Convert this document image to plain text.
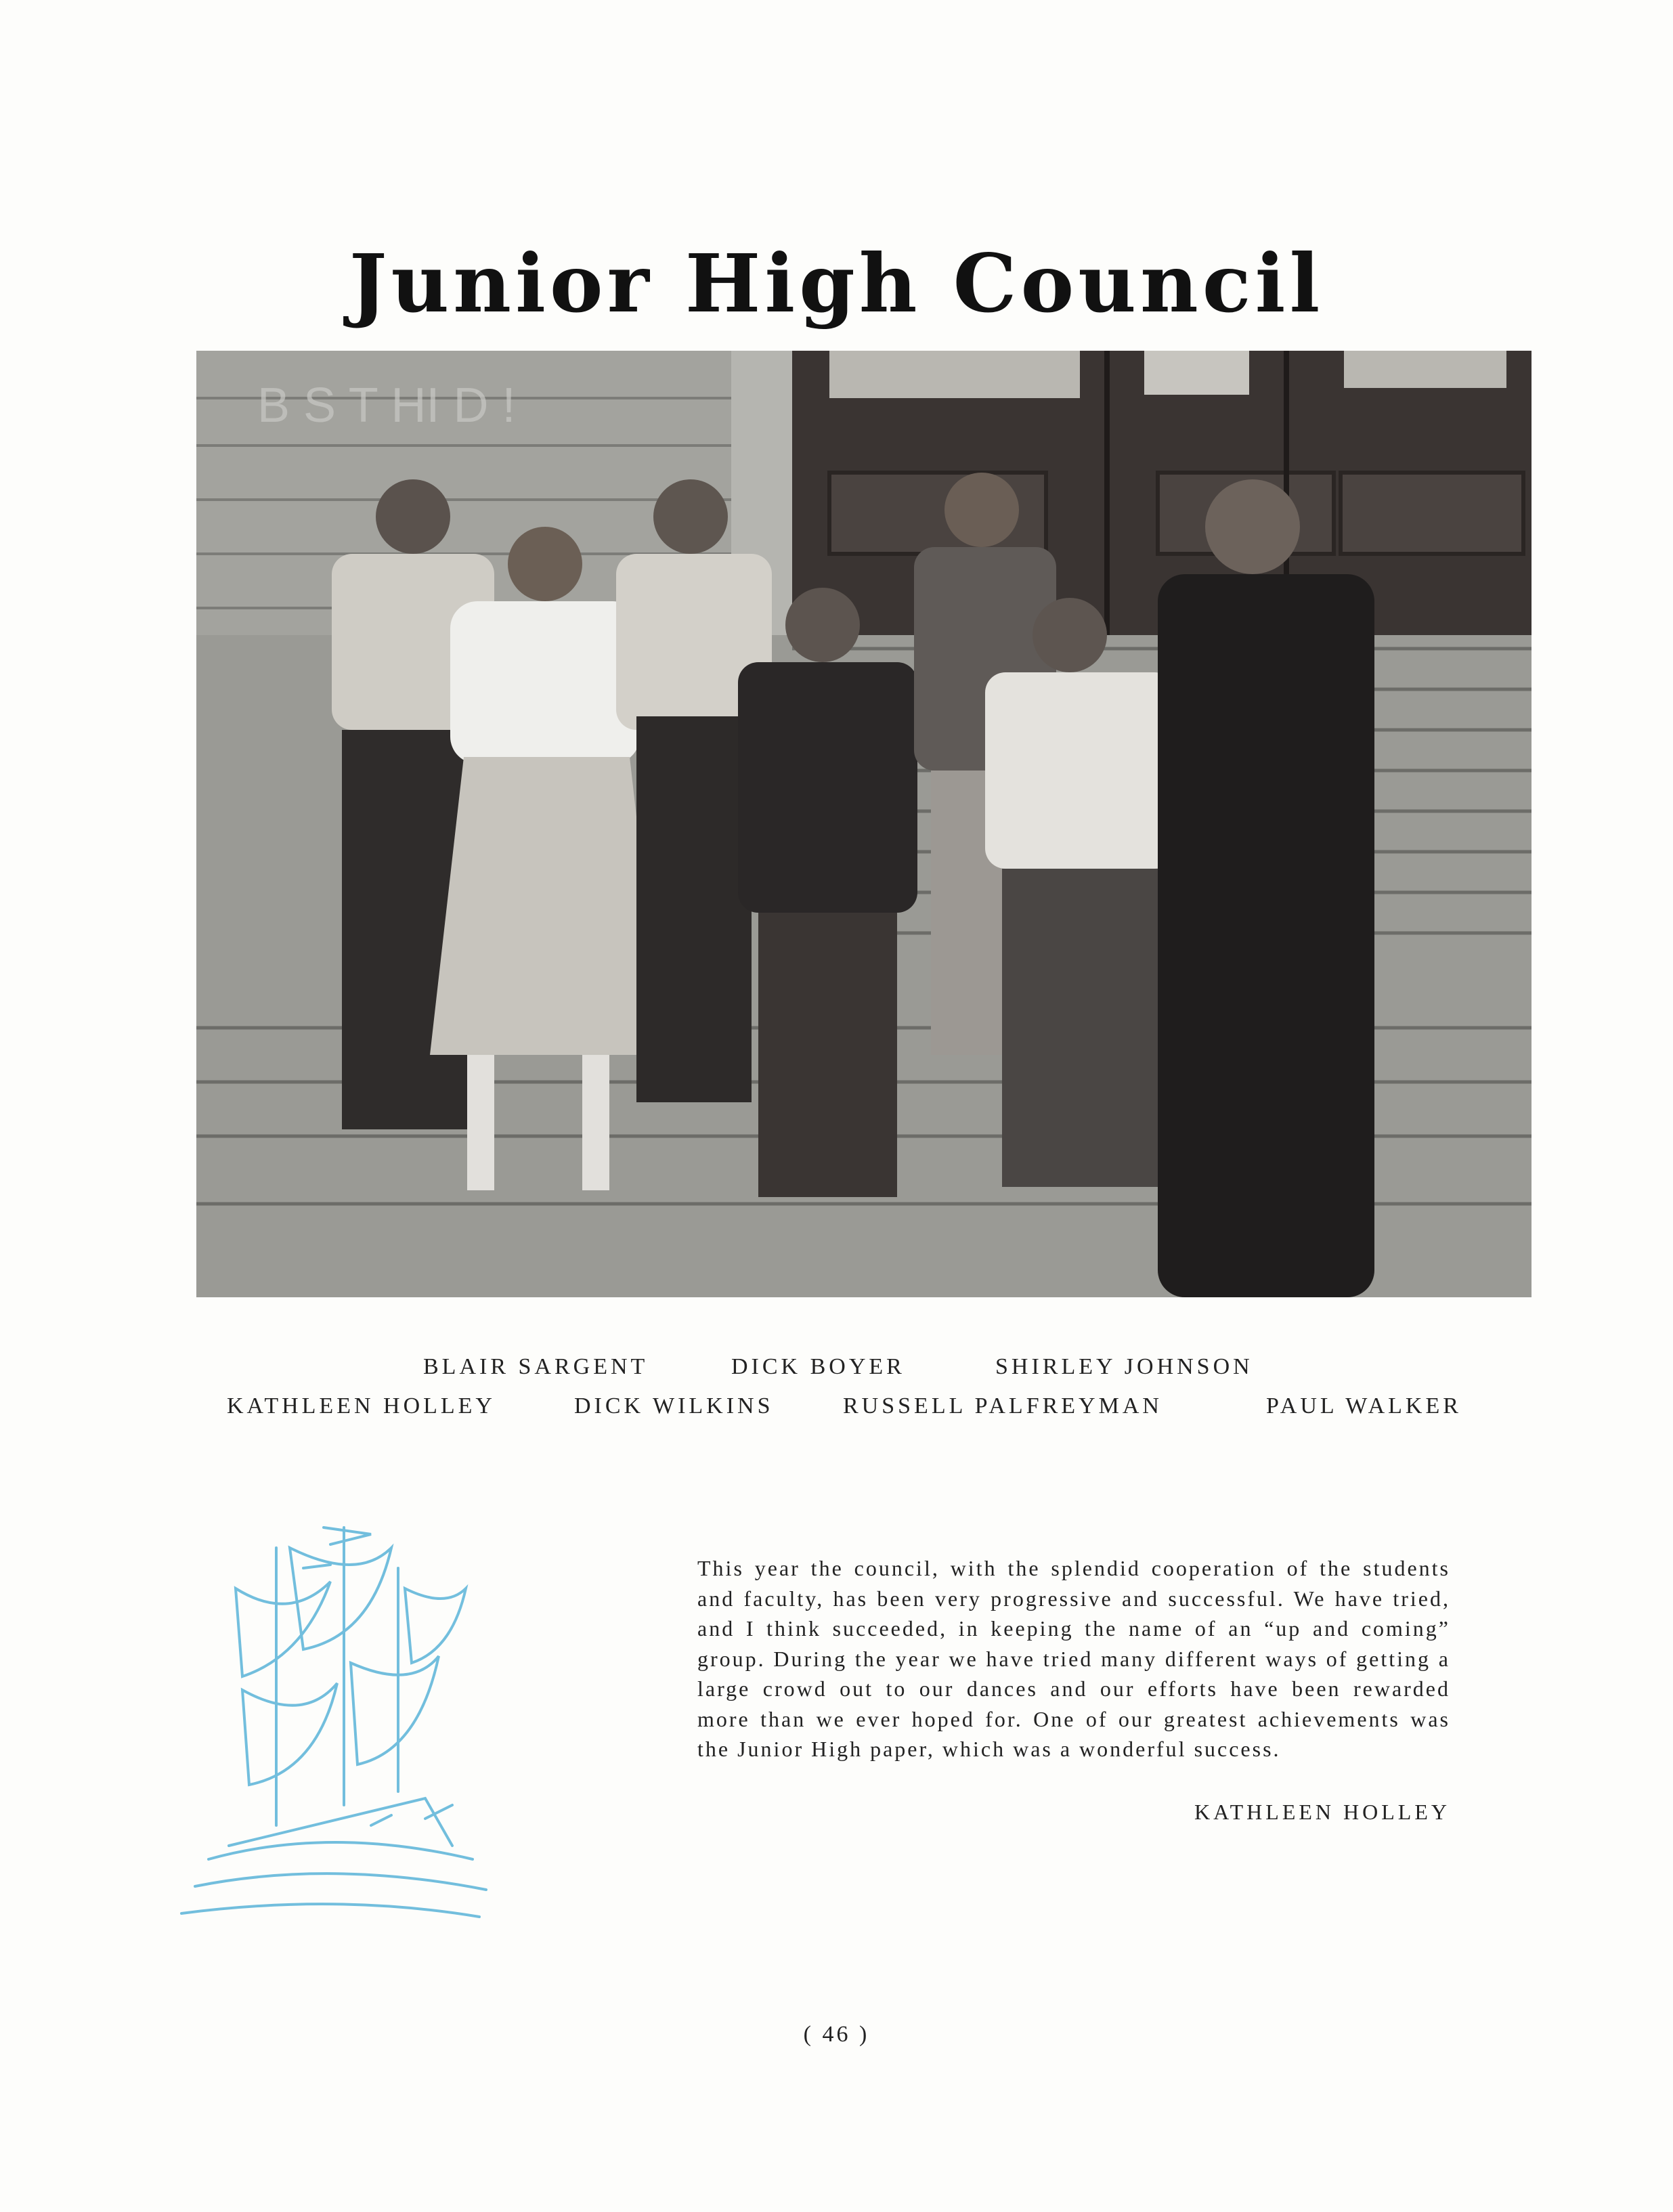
Junior High Council
B S T HI D !
BLAIR SARGENT	DICK BOYER	SHIRLEY JOHNSON
KATHLEEN HOLLEY	DICK WILKINS	RUSSELL PALFREYMAN	PAUL WALKER

This year the council, with the splendid cooperation of the students and faculty, has been very progressive and successful. We have tried, and I think succeeded, in keeping the name of an “up and coming” group. During the year we have tried many different ways of getting a large crowd out to our dances and our efforts have been rewarded more than we ever hoped for. One of our greatest achievements was the Junior High paper, which was a wonderful success.

KATHLEEN HOLLEY
( 46 )
